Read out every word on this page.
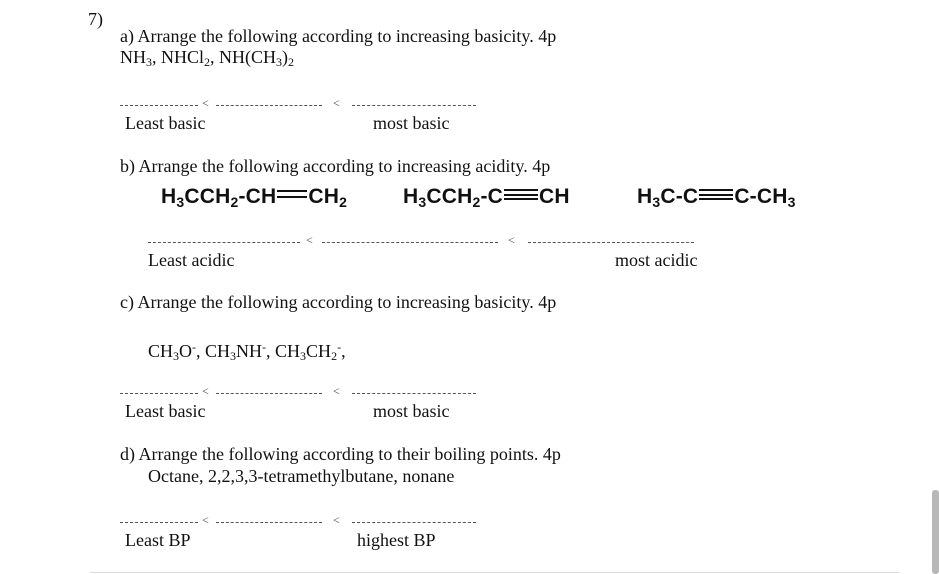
7)
a) Arrange the following according to increasing basicity. 4p
$NH_3$, NHCl$_2$, $NH(CH_3)_2$
<	<
Least basic	most basic
b) Arrange the following according to increasing acidity. 4p
$H_3CCH_2-CH$ $CH_2$	$H_3CCH_2-C$ CH	$H_3C-C$ $C-CH_3$
<	<
Least acidic	most acidic
c) Arrange the following according to increasing basicity. 4p
$CH_3O^-$, $CH_3NH^-$, $CH_3CH_2^-$,
<	<
Least basic	most basic
d) Arrange the following according to their boiling points. 4p
Octane, 2,2,3,3-tetramethylbutane, nonane
<	<
Least BP	highest BP
